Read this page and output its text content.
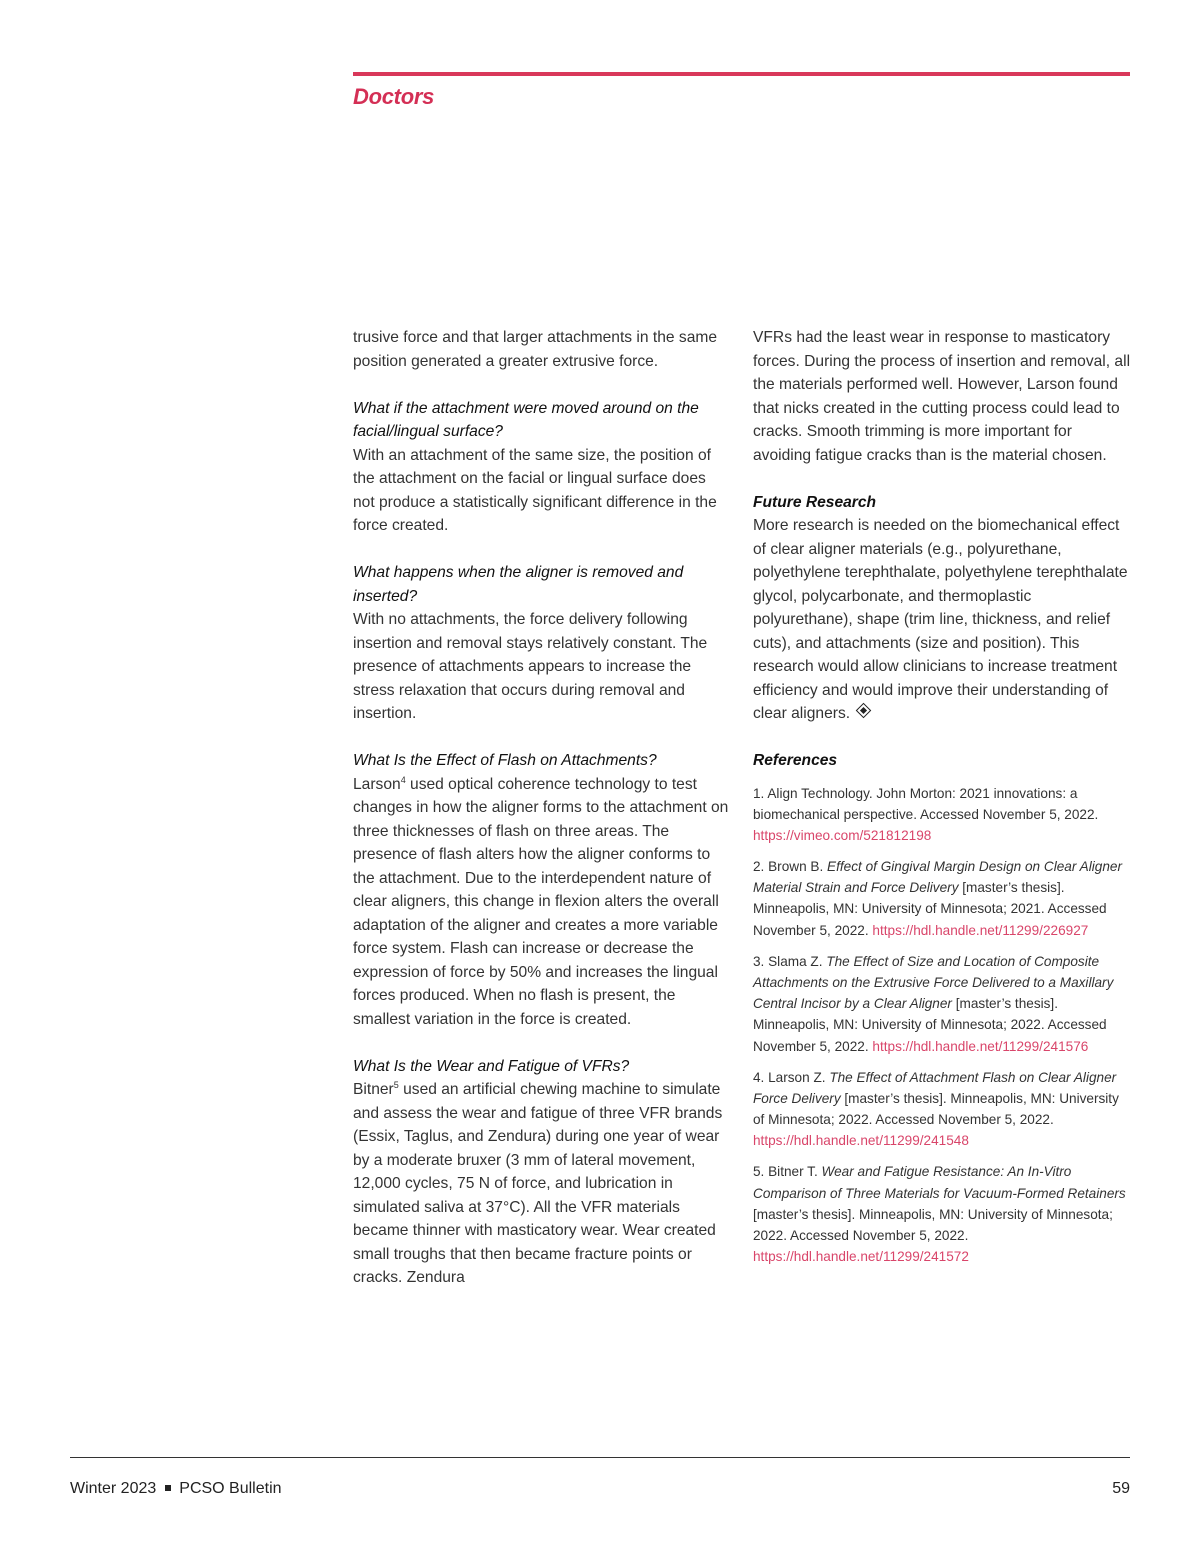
Doctors

trusive force and that larger attachments in the same position generated a greater extrusive force.

What if the attachment were moved around on the facial/lingual surface?

With an attachment of the same size, the position of the attachment on the facial or lingual surface does not produce a statistically significant difference in the force created.

What happens when the aligner is removed and inserted?

With no attachments, the force delivery following insertion and removal stays relatively constant. The presence of attachments appears to increase the stress relaxation that occurs during removal and insertion.

What Is the Effect of Flash on Attachments?

Larson$^4$ used optical coherence technology to test changes in how the aligner forms to the attachment on three thicknesses of flash on three areas. The presence of flash alters how the aligner conforms to the attachment. Due to the interdependent nature of clear aligners, this change in flexion alters the overall adaptation of the aligner and creates a more variable force system. Flash can increase or decrease the expression of force by 50% and increases the lingual forces produced. When no flash is present, the smallest variation in the force is created.

What Is the Wear and Fatigue of VFRs?

Bitner$^5$ used an artificial chewing machine to simulate and assess the wear and fatigue of three VFR brands (Essix, Taglus, and Zendura) during one year of wear by a moderate bruxer (3 mm of lateral movement, 12,000 cycles, 75 N of force, and lubrication in simulated saliva at 37°C). All the VFR materials became thinner with masticatory wear. Wear created small troughs that then became fracture points or cracks. Zendura

VFRs had the least wear in response to masticatory forces. During the process of insertion and removal, all the materials performed well. However, Larson found that nicks created in the cutting process could lead to cracks. Smooth trimming is more important for avoiding fatigue cracks than is the material chosen.

Future Research

More research is needed on the biomechanical effect of clear aligner materials (e.g., polyurethane, polyethylene terephthalate, polyethylene terephthalate glycol, polycarbonate, and thermoplastic polyurethane), shape (trim line, thickness, and relief cuts), and attachments (size and position). This research would allow clinicians to increase treatment efficiency and would improve their understanding of clear aligners.

References

1. Align Technology. John Morton: 2021 innovations: a biomechanical perspective. Accessed November 5, 2022. https://vimeo.com/521812198

2. Brown B. Effect of Gingival Margin Design on Clear Aligner Material Strain and Force Delivery [master’s thesis]. Minneapolis, MN: University of Minnesota; 2021. Accessed November 5, 2022. https://hdl.handle.net/11299/226927

3. Slama Z. The Effect of Size and Location of Composite Attachments on the Extrusive Force Delivered to a Maxillary Central Incisor by a Clear Aligner [master’s thesis]. Minneapolis, MN: University of Minnesota; 2022. Accessed November 5, 2022. https://hdl.handle.net/11299/241576

4. Larson Z. The Effect of Attachment Flash on Clear Aligner Force Delivery [master’s thesis]. Minneapolis, MN: University of Minnesota; 2022. Accessed November 5, 2022. https://hdl.handle.net/11299/241548

5. Bitner T. Wear and Fatigue Resistance: An In-Vitro Comparison of Three Materials for Vacuum-Formed Retainers [master’s thesis]. Minneapolis, MN: University of Minnesota; 2022. Accessed November 5, 2022. https://hdl.handle.net/11299/241572

Winter 2023 PCSO Bulletin	59
